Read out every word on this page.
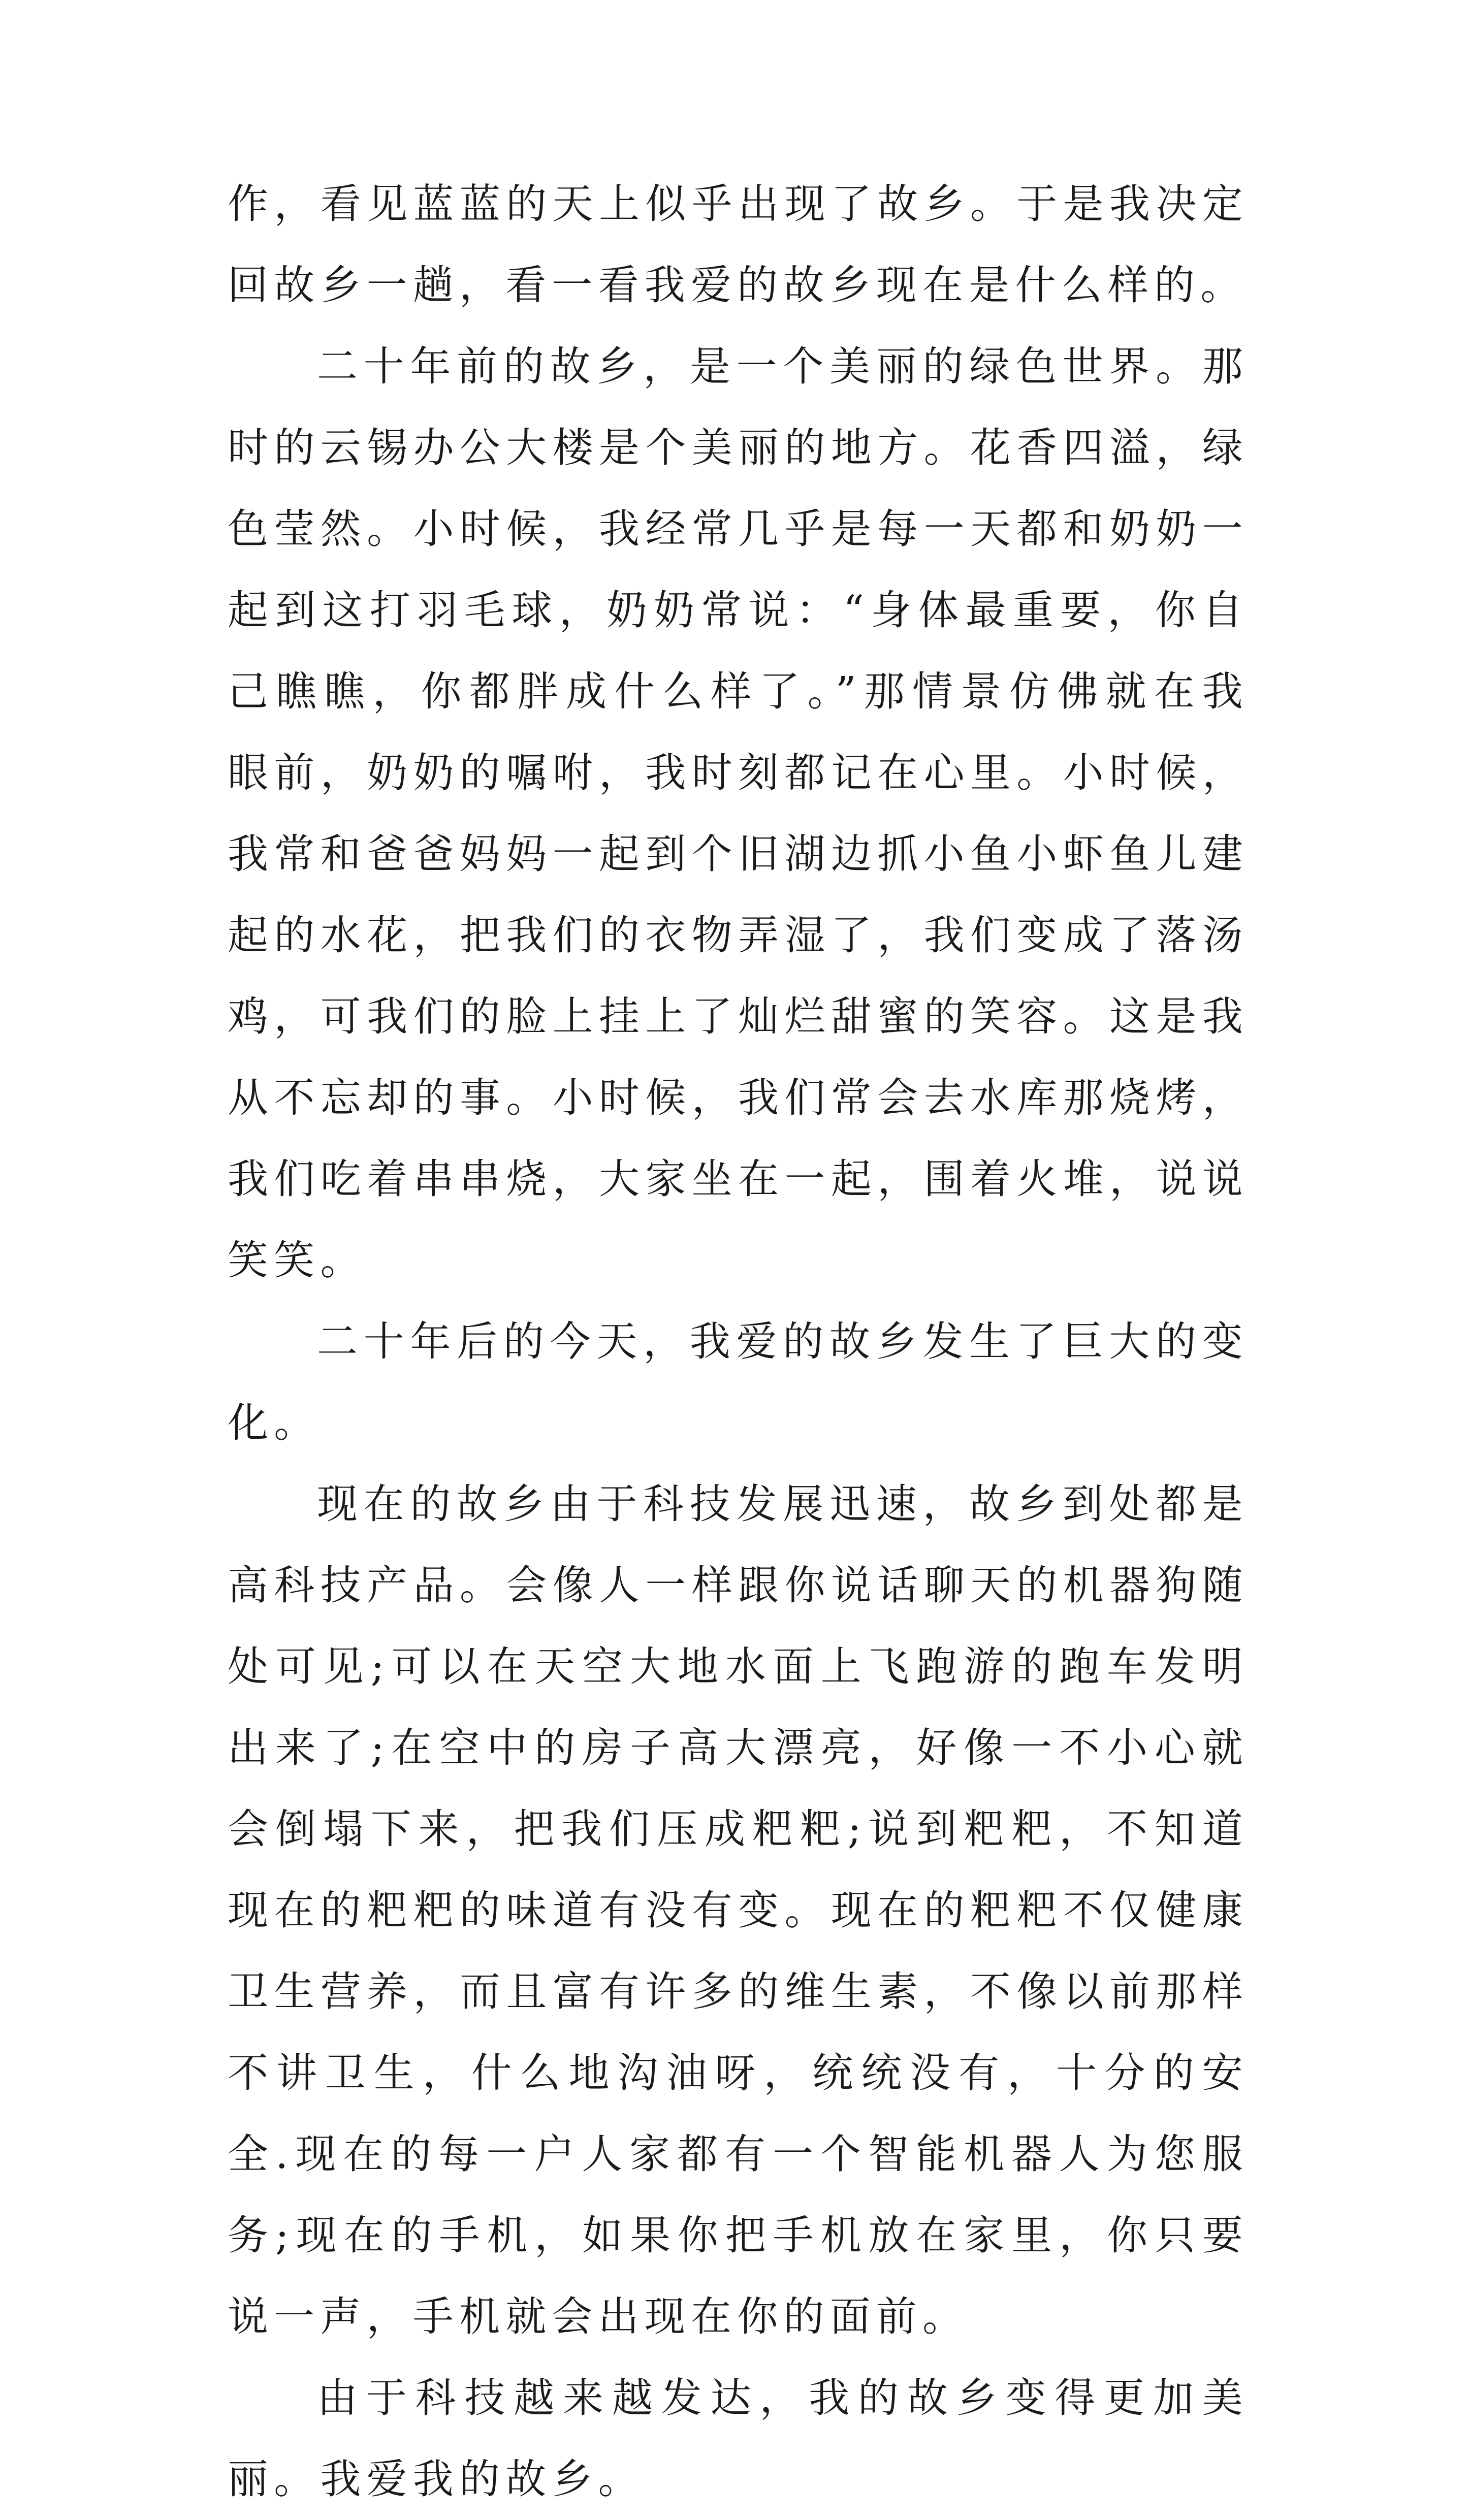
作，看见蓝蓝的天上似乎出现了故乡。于是我决定回故乡一趟，看一看我爱的故乡现在是什么样的。

二十年前的故乡，是一个美丽的绿色世界。那时的云锡办公大楼是个美丽的地方。花香四溢，绿色莹然。小时候，我经常几乎是每一天都和奶奶一起到这打羽毛球，奶奶常说：“身体最重要，你自己瞧瞧，你都胖成什么样了。”那情景仿佛就在我眼前，奶奶的嘱咐，我时刻都记在心里。小时候，我常和爸爸妈妈一起到个旧湖边抓小鱼小虾鱼儿建起的水花，把我们的衣物弄湿了，我们变成了落汤鸡，可我们的脸上挂上了灿烂甜蜜的笑容。这是我从不忘却的事。小时候，我们常会去水库那烧烤，我们吃着串串烧，大家坐在一起，围着火堆，说说笑笑。

二十年后的今天，我爱的故乡发生了巨大的变化。

现在的故乡由于科技发展迅速，故乡到处都是高科技产品。会像人一样跟你说话聊天的机器狗随处可见;可以在天空大地水面上飞跑游的跑车发明出来了;在空中的房子高大漂亮，好像一不小心就会倒塌下来，把我们压成粑粑;说到粑粑，不知道现在的粑粑的味道有没有变。现在的粑粑不仅健康卫生营养，而且富有许多的维生素，不像以前那样不讲卫生，什么地沟油呀，统统没有，十分的安全.现在的每一户人家都有一个智能机器人为您服务;现在的手机，如果你把手机放在家里，你只要说一声，手机就会出现在你的面前。

由于科技越来越发达，我的故乡变得更加美丽。我爱我的故乡。
